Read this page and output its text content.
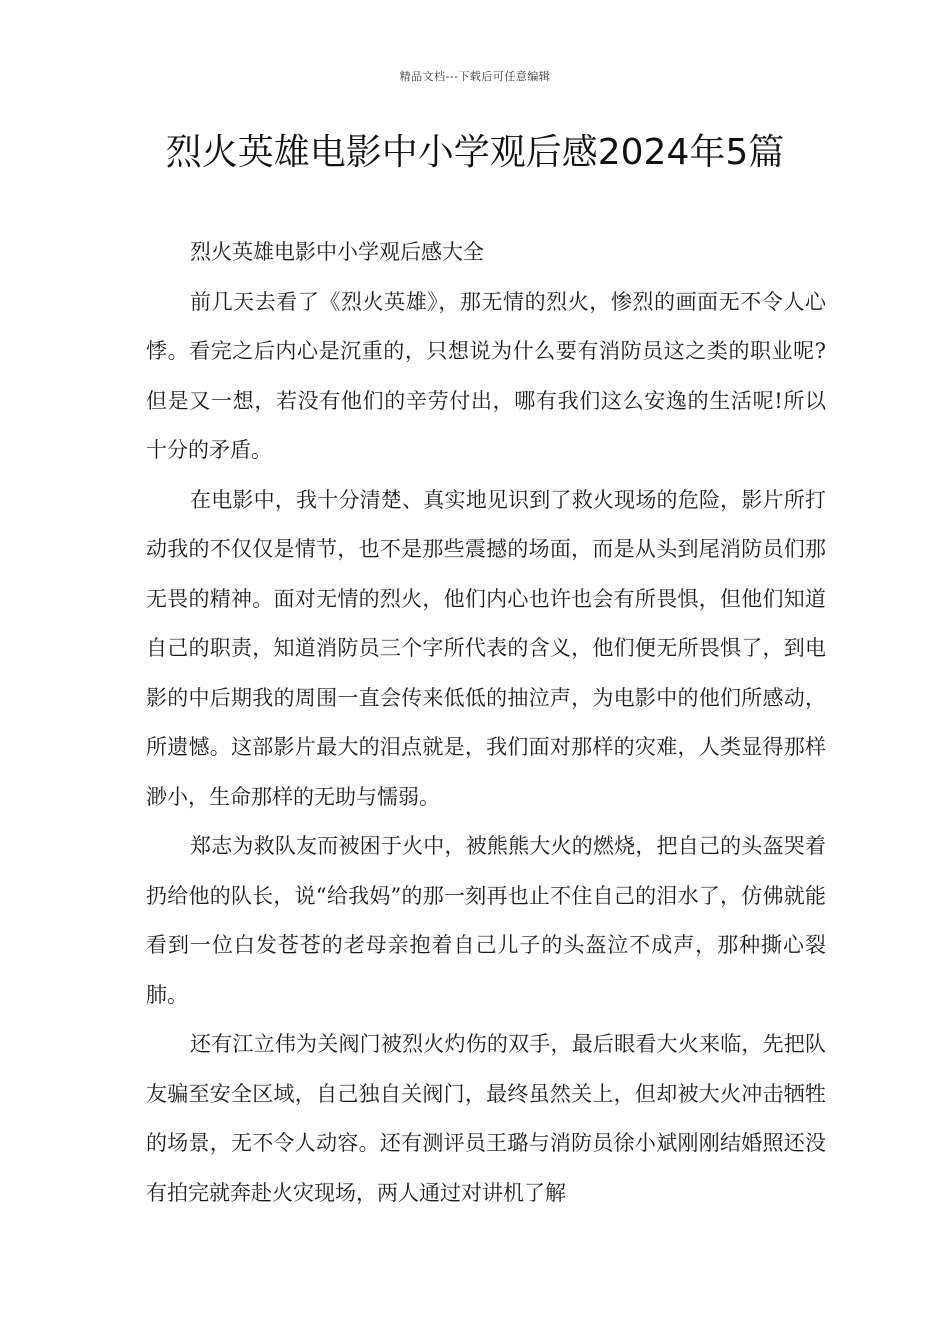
精品文档---下载后可任意编辑
烈火英雄电影中小学观后感2024年5篇

烈火英雄电影中小学观后感大全

前几天去看了《烈火英雄》，那无情的烈火，惨烈的画面无不令人心悸。看完之后内心是沉重的，只想说为什么要有消防员这之类的职业呢?但是又一想，若没有他们的辛劳付出，哪有我们这么安逸的生活呢!所以十分的矛盾。

在电影中，我十分清楚、真实地见识到了救火现场的危险，影片所打动我的不仅仅是情节，也不是那些震撼的场面，而是从头到尾消防员们那无畏的精神。面对无情的烈火，他们内心也许也会有所畏惧，但他们知道自己的职责，知道消防员三个字所代表的含义，他们便无所畏惧了，到电影的中后期我的周围一直会传来低低的抽泣声，为电影中的他们所感动，所遗憾。这部影片最大的泪点就是，我们面对那样的灾难，人类显得那样渺小，生命那样的无助与懦弱。

郑志为救队友而被困于火中，被熊熊大火的燃烧，把自己的头盔哭着扔给他的队长，说“给我妈”的那一刻再也止不住自己的泪水了，仿佛就能看到一位白发苍苍的老母亲抱着自己儿子的头盔泣不成声，那种撕心裂肺。

还有江立伟为关阀门被烈火灼伤的双手，最后眼看大火来临，先把队友骗至安全区域，自己独自关阀门，最终虽然关上，但却被大火冲击牺牲的场景，无不令人动容。还有测评员王璐与消防员徐小斌刚刚结婚照还没有拍完就奔赴火灾现场，两人通过对讲机了解
